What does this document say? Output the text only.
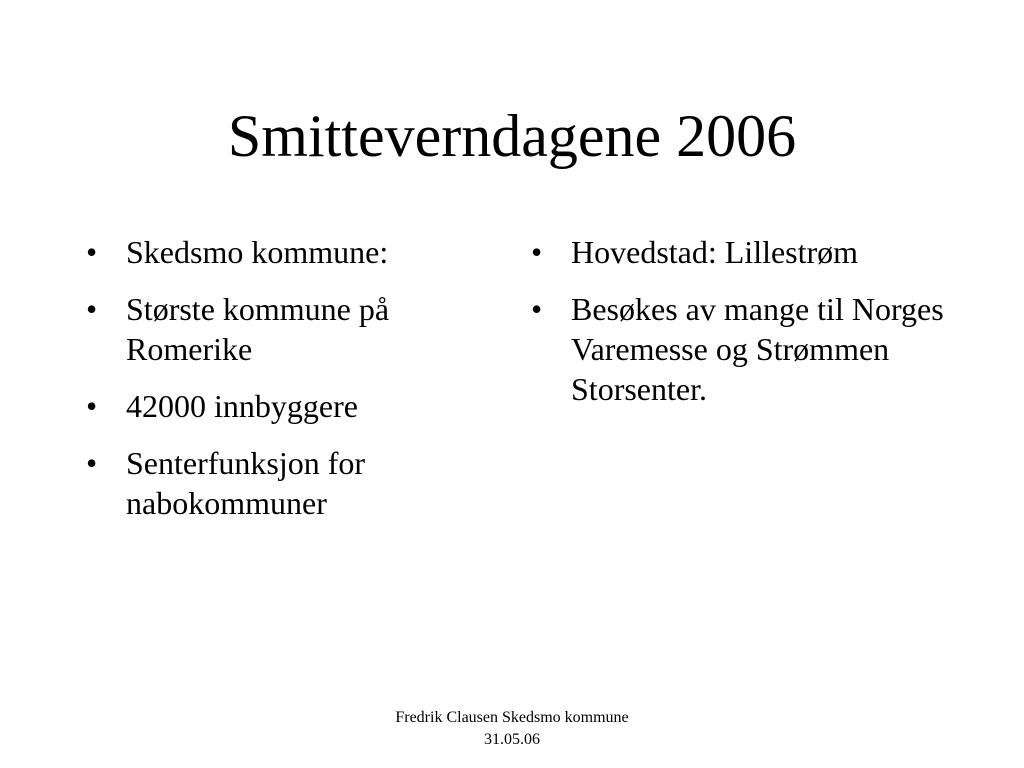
Smitteverndagene 2006
• Skedsmo kommune:
• Største kommune på Romerike
• 42000 innbyggere
• Senterfunksjon for nabokommuner
• Hovedstad: Lillestrøm
• Besøkes av mange til Norges Varemesse og Strømmen Storsenter.
Fredrik Clausen Skedsmo kommune
31.05.06
